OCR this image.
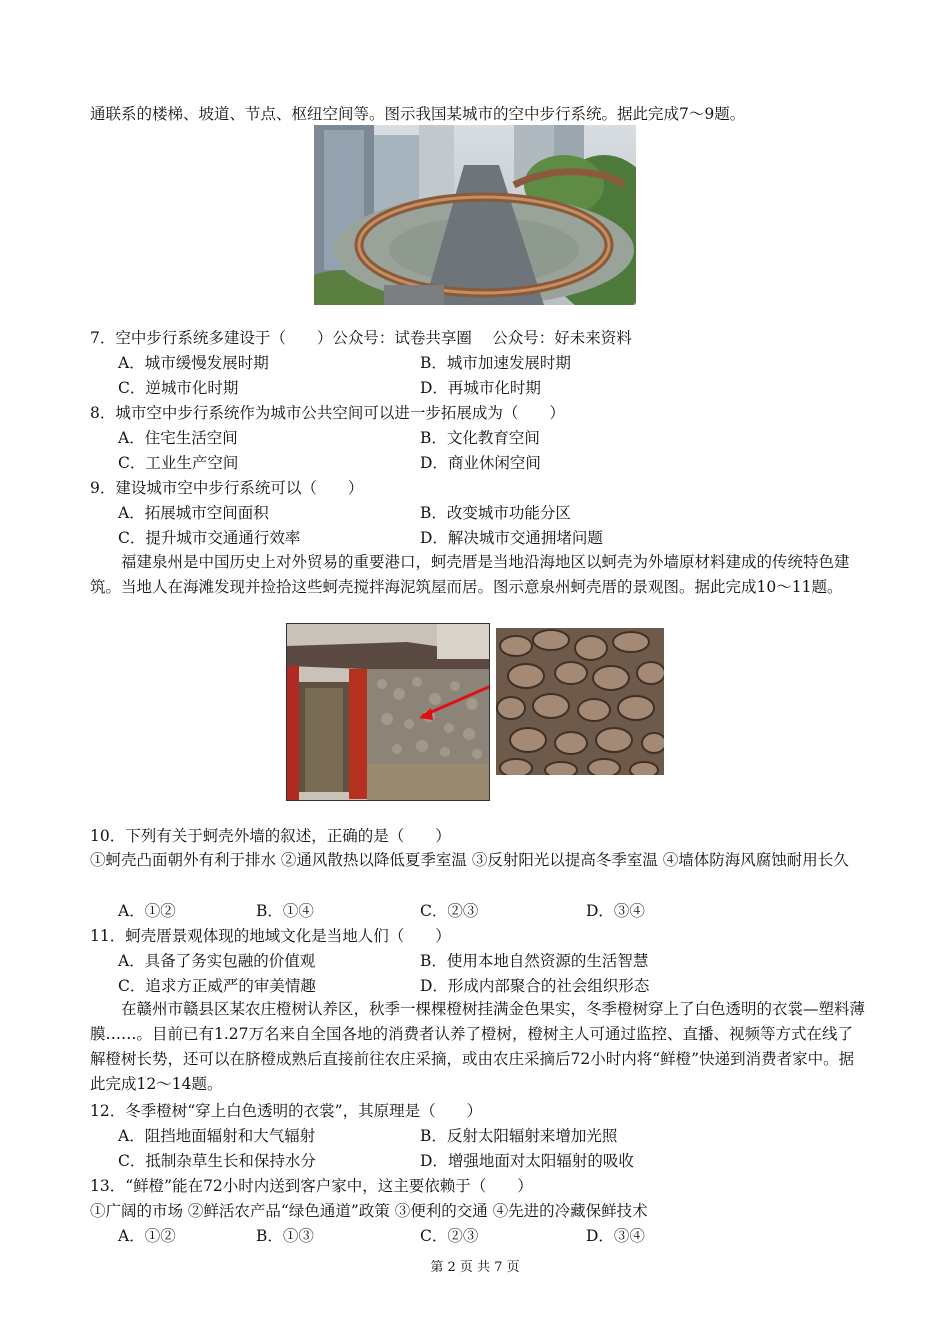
通联系的楼梯、坡道、节点、枢纽空间等。图示我国某城市的空中步行系统。据此完成7～9题。
7．空中步行系统多建设于（　　）公众号：试卷共享圈　 公众号：好未来资料
A．城市缓慢发展时期	B．城市加速发展时期
C．逆城市化时期	D．再城市化时期
8．城市空中步行系统作为城市公共空间可以进一步拓展成为（　　）
A．住宅生活空间	B．文化教育空间
C．工业生产空间	D．商业休闲空间
9．建设城市空中步行系统可以（　　）
A．拓展城市空间面积	B．改变城市功能分区
C．提升城市交通通行效率	D．解决城市交通拥堵问题
福建泉州是中国历史上对外贸易的重要港口，蚵壳厝是当地沿海地区以蚵壳为外墙原材料建成的传统特色建筑。当地人在海滩发现并捡拾这些蚵壳搅拌海泥筑屋而居。图示意泉州蚵壳厝的景观图。据此完成10～11题。
10．下列有关于蚵壳外墙的叙述，正确的是（　　）
①蚵壳凸面朝外有利于排水 ②通风散热以降低夏季室温 ③反射阳光以提高冬季室温 ④墙体防海风腐蚀耐用长久
A．①②	B．①④	C．②③	D．③④
11．蚵壳厝景观体现的地域文化是当地人们（　　）
A．具备了务实包融的价值观	B．使用本地自然资源的生活智慧
C．追求方正威严的审美情趣	D．形成内部聚合的社会组织形态
在赣州市赣县区某农庄橙树认养区，秋季一棵棵橙树挂满金色果实，冬季橙树穿上了白色透明的衣裳—塑料薄膜……。目前已有1.27万名来自全国各地的消费者认养了橙树，橙树主人可通过监控、直播、视频等方式在线了解橙树长势，还可以在脐橙成熟后直接前往农庄采摘，或由农庄采摘后72小时内将“鲜橙”快递到消费者家中。据此完成12～14题。
12．冬季橙树“穿上白色透明的衣裳”，其原理是（　　）
A．阻挡地面辐射和大气辐射	B．反射太阳辐射来增加光照
C．抵制杂草生长和保持水分	D．增强地面对太阳辐射的吸收
13．“鲜橙”能在72小时内送到客户家中，这主要依赖于（　　）
①广阔的市场 ②鲜活农产品“绿色通道”政策 ③便利的交通 ④先进的冷藏保鲜技术
A．①②	B．①③	C．②③	D．③④
第 2 页 共 7 页
